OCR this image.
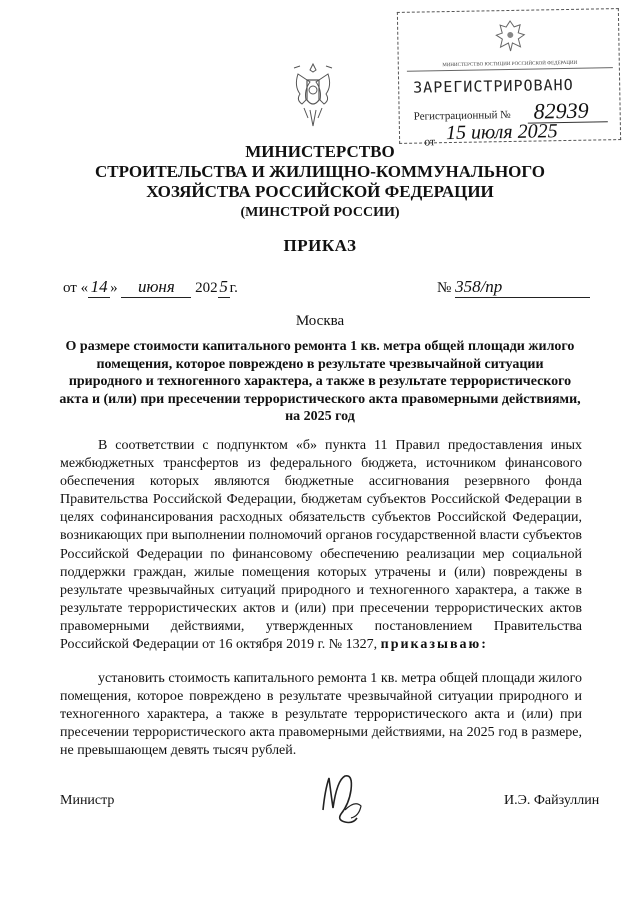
МИНИСТЕРСТВО ЮСТИЦИИ РОССИЙСКОЙ ФЕДЕРАЦИИ
ЗАРЕГИСТРИРОВАНО
Регистрационный № 82939
от 15 июля 2025
МИНИСТЕРСТВО
СТРОИТЕЛЬСТВА И ЖИЛИЩНО-КОММУНАЛЬНОГО
ХОЗЯЙСТВА РОССИЙСКОЙ ФЕДЕРАЦИИ
(МИНСТРОЙ РОССИИ)
ПРИКАЗ
от « 14 » июня 202 5 г.	№ 358/пр
Москва
О размере стоимости капитального ремонта 1 кв. метра общей площади жилого помещения, которое повреждено в результате чрезвычайной ситуации природного и техногенного характера, а также в результате террористического акта и (или) при пресечении террористического акта правомерными действиями, на 2025 год
В соответствии с подпунктом «б» пункта 11 Правил предоставления иных межбюджетных трансфертов из федерального бюджета, источником финансового обеспечения которых являются бюджетные ассигнования резервного фонда Правительства Российской Федерации, бюджетам субъектов Российской Федерации в целях софинансирования расходных обязательств субъектов Российской Федерации, возникающих при выполнении полномочий органов государственной власти субъектов Российской Федерации по финансовому обеспечению реализации мер социальной поддержки граждан, жилые помещения которых утрачены и (или) повреждены в результате чрезвычайных ситуаций природного и техногенного характера, а также в результате террористических актов и (или) при пресечении террористических актов правомерными действиями, утвержденных постановлением Правительства Российской Федерации от 16 октября 2019 г. № 1327, приказываю:
установить стоимость капитального ремонта 1 кв. метра общей площади жилого помещения, которое повреждено в результате чрезвычайной ситуации природного и техногенного характера, а также в результате террористического акта и (или) при пресечении террористического акта правомерными действиями, на 2025 год в размере, не превышающем девять тысяч рублей.
Министр	И.Э. Файзуллин
